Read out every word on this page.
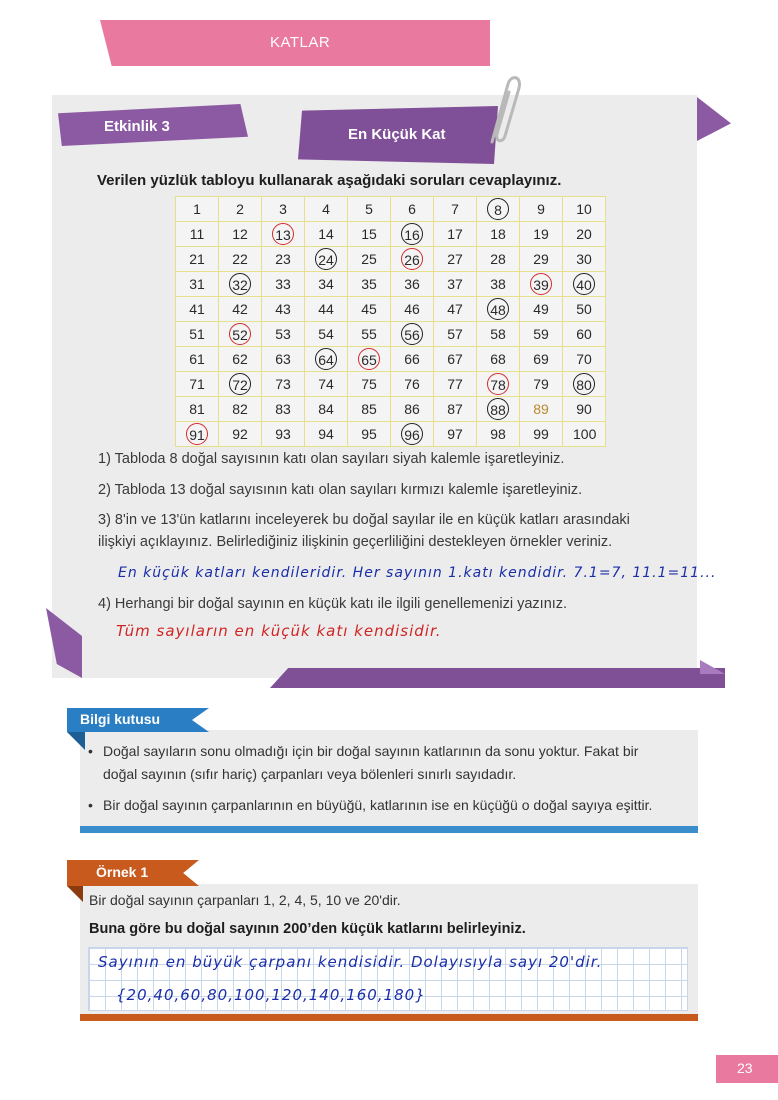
KATLAR
Etkinlik 3	En Küçük Kat
Verilen yüzlük tabloyu kullanarak aşağıdaki soruları cevaplayınız.
1	2	3	4	5	6	7	8	9	10
11	12	13	14	15	16	17	18	19	20
21	22	23	24	25	26	27	28	29	30
31	32	33	34	35	36	37	38	39	40
41	42	43	44	45	46	47	48	49	50
51	52	53	54	55	56	57	58	59	60
61	62	63	64	65	66	67	68	69	70
71	72	73	74	75	76	77	78	79	80
81	82	83	84	85	86	87	88	89	90
91	92	93	94	95	96	97	98	99	100
1) Tabloda 8 doğal sayısının katı olan sayıları siyah kalemle işaretleyiniz.
2) Tabloda 13 doğal sayısının katı olan sayıları kırmızı kalemle işaretleyiniz.
3) 8'in ve 13'ün katlarını inceleyerek bu doğal sayılar ile en küçük katları arasındaki
ilişkiyi açıklayınız. Belirlediğiniz ilişkinin geçerliliğini destekleyen örnekler veriniz.
En küçük katları kendileridir. Her sayının 1.katı kendidir. 7.1=7, 11.1=11...
4) Herhangi bir doğal sayının en küçük katı ile ilgili genellemenizi yazınız.
Tüm sayıların en küçük katı kendisidir.
Bilgi kutusu
• Doğal sayıların sonu olmadığı için bir doğal sayının katlarının da sonu yoktur. Fakat bir
doğal sayının (sıfır hariç) çarpanları veya bölenleri sınırlı sayıdadır.
• Bir doğal sayının çarpanlarının en büyüğü, katlarının ise en küçüğü o doğal sayıya eşittir.
Örnek 1
Bir doğal sayının çarpanları 1, 2, 4, 5, 10 ve 20'dir.
Buna göre bu doğal sayının 200’den küçük katlarını belirleyiniz.
Sayının en büyük çarpanı kendisidir. Dolayısıyla sayı 20'dir.
{20,40,60,80,100,120,140,160,180}
23
